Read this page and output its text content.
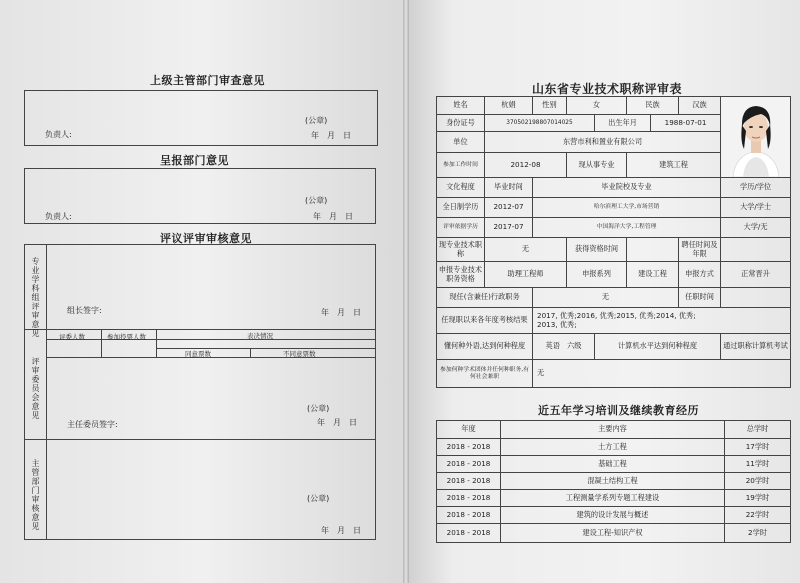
上级主管部门审查意见
(公章)
负责人:	年　月　日
呈报部门意见
(公章)
负责人:	年　月　日
评议评审审核意见
专业学科组评审意见	组长签字:	年　月　日
评委人数	参加投票人数	表决情况
同意票数	不同意票数
评审委员会意见	(公章)
主任委员签字:	年　月　日
主管部门审核意见	(公章)
年　月　日
山东省专业技术职称评审表
姓名	杭娟	性别	女		民族		汉族	

身份证号	370502198807014025			出生年月		1988-07-01		
单位	东营市利和置业有限公司							
参加工作时间	2012-08		现从事专业		建筑工程			
文化程度	毕业时间	毕业院校及专业						学历/学位
全日制学历	2012-07	哈尔滨理工大学,市场营销						大学/学士
评审依据学历	2017-07	中国海洋大学,工程管理						大学/无
现专业技术职称	无		获得资格时间				聘任时间及年限	
申报专业技术职务资格	助理工程师		申报系列		建设工程		申报方式	正常晋升
现任(含兼任)行政职务		无					任职时间	
任现职以来各年度考核结果		2017, 优秀;2016, 优秀;2015, 优秀;2014, 优秀;
2013, 优秀;						

懂何种外语,达到何种程度		英语　六级		计算机水平达到何种程度				通过职称计算机考试
参加何种学术团体并任何种职务,有何社会兼职		无						
近五年学习培训及继续教育经历
年度	主要内容	总学时
2018 - 2018	土方工程	17学时
2018 - 2018	基础工程	11学时
2018 - 2018	混凝土结构工程	20学时
2018 - 2018	工程测量学系列专题工程建设	19学时
2018 - 2018	建筑的设计发展与概述	22学时
2018 - 2018	建设工程-知识产权	2学时
